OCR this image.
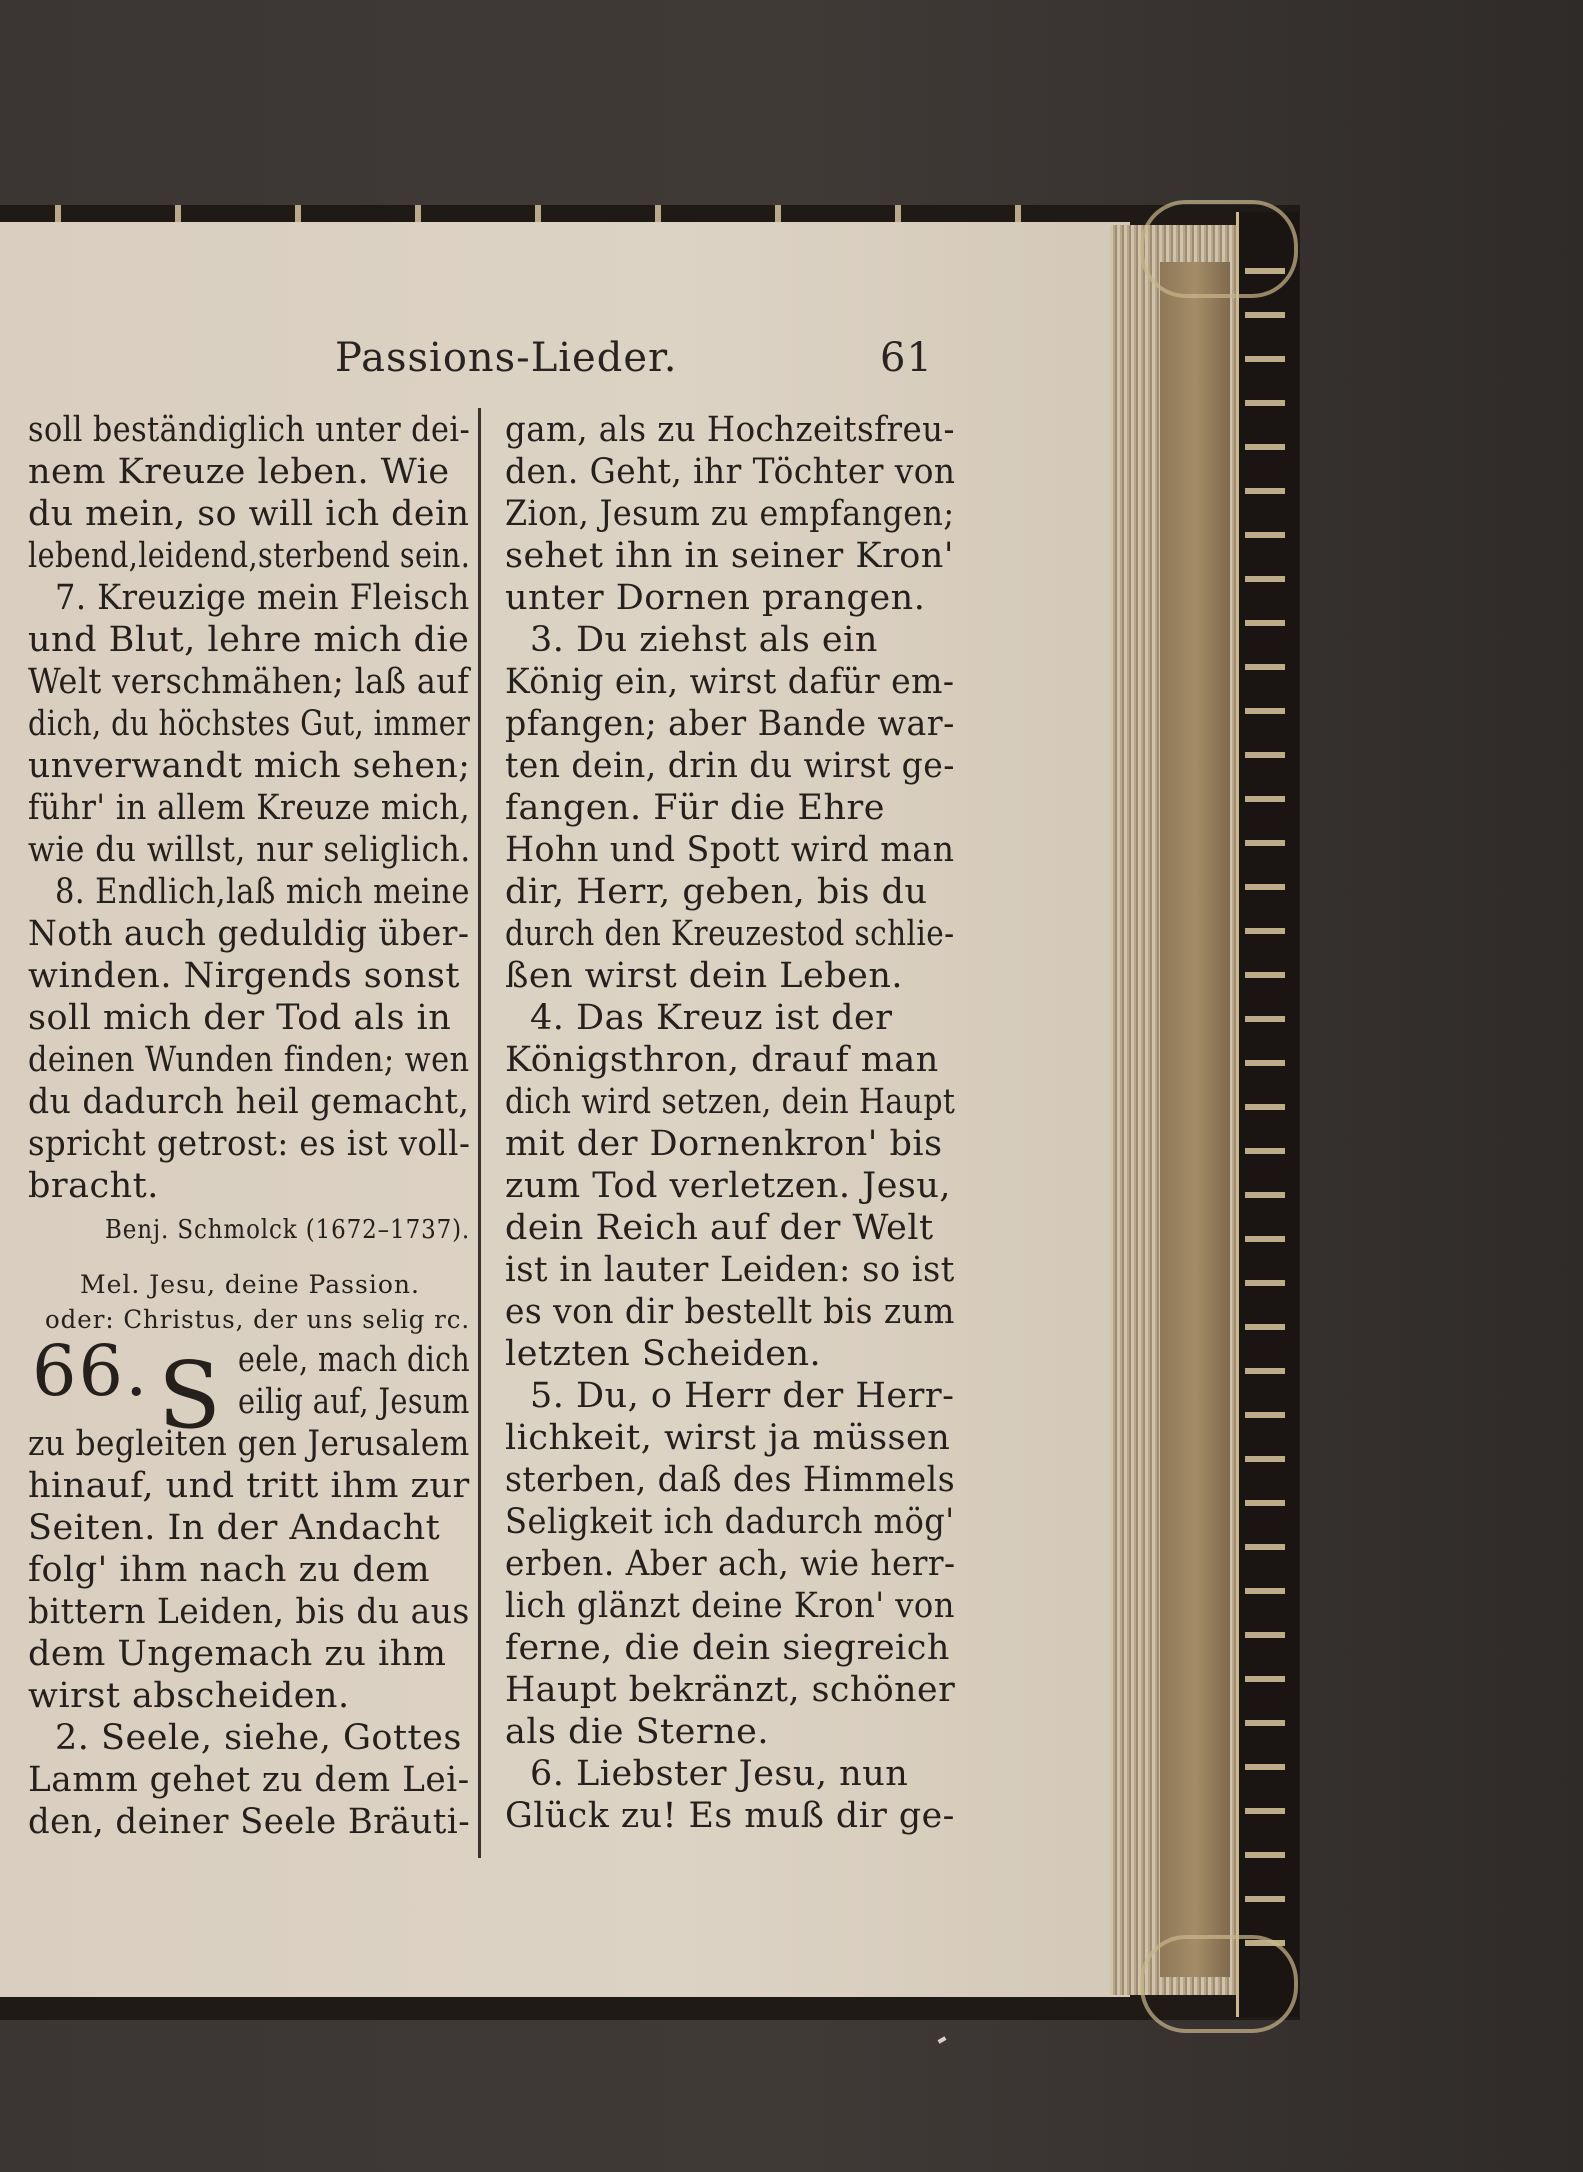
Passions-Lieder.	61
soll beständiglich unter dei-
nem Kreuze leben. Wie
du mein, so will ich dein
lebend,leidend,sterbend sein.
7. Kreuzige mein Fleisch
und Blut, lehre mich die
Welt verschmähen; laß auf
dich, du höchstes Gut, immer
unverwandt mich sehen;
führ' in allem Kreuze mich,
wie du willst, nur seliglich.
8. Endlich,laß mich meine
Noth auch geduldig über-
winden. Nirgends sonst
soll mich der Tod als in
deinen Wunden finden; wen
du dadurch heil gemacht,
spricht getrost: es ist voll-
bracht.
Benj. Schmolck (1672–1737).
Mel. Jesu, deine Passion.
oder: Christus, der uns selig rc.
66. S eele, mach dich
eilig auf, Jesum
zu begleiten gen Jerusalem
hinauf, und tritt ihm zur
Seiten. In der Andacht
folg' ihm nach zu dem
bittern Leiden, bis du aus
dem Ungemach zu ihm
wirst abscheiden.
2. Seele, siehe, Gottes
Lamm gehet zu dem Lei-
den, deiner Seele Bräuti-
gam, als zu Hochzeitsfreu-
den. Geht, ihr Töchter von
Zion, Jesum zu empfangen;
sehet ihn in seiner Kron'
unter Dornen prangen.
3. Du ziehst als ein
König ein, wirst dafür em-
pfangen; aber Bande war-
ten dein, drin du wirst ge-
fangen. Für die Ehre
Hohn und Spott wird man
dir, Herr, geben, bis du
durch den Kreuzestod schlie-
ßen wirst dein Leben.
4. Das Kreuz ist der
Königsthron, drauf man
dich wird setzen, dein Haupt
mit der Dornenkron' bis
zum Tod verletzen. Jesu,
dein Reich auf der Welt
ist in lauter Leiden: so ist
es von dir bestellt bis zum
letzten Scheiden.
5. Du, o Herr der Herr-
lichkeit, wirst ja müssen
sterben, daß des Himmels
Seligkeit ich dadurch mög'
erben. Aber ach, wie herr-
lich glänzt deine Kron' von
ferne, die dein siegreich
Haupt bekränzt, schöner
als die Sterne.
6. Liebster Jesu, nun
Glück zu! Es muß dir ge-
